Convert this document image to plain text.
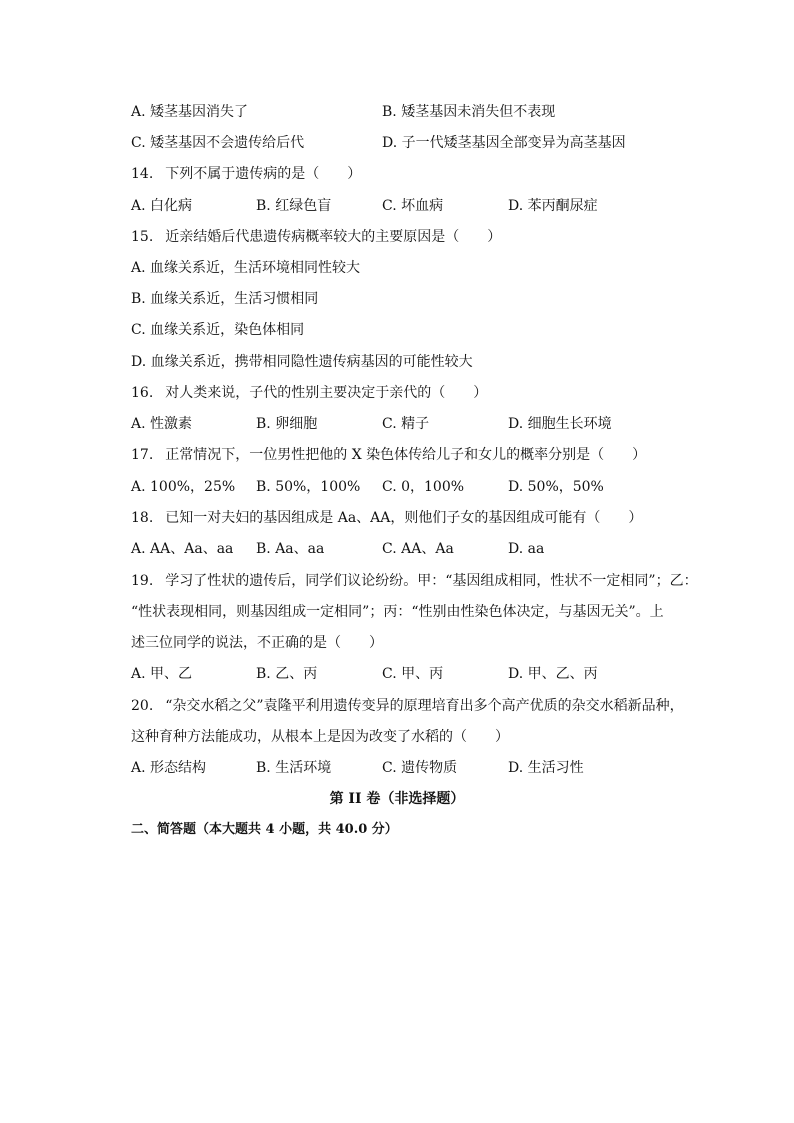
A. 矮茎基因消失了	B. 矮茎基因未消失但不表现
C. 矮茎基因不会遗传给后代	D. 子一代矮茎基因全部变异为高茎基因
14. 下列不属于遗传病的是（　　）
A. 白化病	B. 红绿色盲	C. 坏血病	D. 苯丙酮尿症
15. 近亲结婚后代患遗传病概率较大的主要原因是（　　）
A. 血缘关系近，生活环境相同性较大
B. 血缘关系近，生活习惯相同
C. 血缘关系近，染色体相同
D. 血缘关系近，携带相同隐性遗传病基因的可能性较大
16. 对人类来说，子代的性别主要决定于亲代的（　　）
A. 性激素	B. 卵细胞	C. 精子	D. 细胞生长环境
17. 正常情况下，一位男性把他的 X 染色体传给儿子和女儿的概率分别是（　　）
A. 100%，25% B. 50%，100% C. 0，100%	D. 50%，50%
18. 已知一对夫妇的基因组成是 Aa、AA，则他们子女的基因组成可能有（　　）
A. AA、Aa、aa B. Aa、aa	C. AA、Aa	D. aa
19. 学习了性状的遗传后，同学们议论纷纷。甲：“基因组成相同，性状不一定相同”；乙：
“性状表现相同，则基因组成一定相同”；丙：“性别由性染色体决定，与基因无关”。上
述三位同学的说法，不正确的是（　　）
A. 甲、乙	B. 乙、丙	C. 甲、丙	D. 甲、乙、丙
20. “杂交水稻之父”袁隆平利用遗传变异的原理培育出多个高产优质的杂交水稻新品种，
这种育种方法能成功，从根本上是因为改变了水稻的（　　）
A. 形态结构	B. 生活环境	C. 遗传物质	D. 生活习性
第 II 卷（非选择题）
二、简答题（本大题共 4 小题，共 40.0 分）
